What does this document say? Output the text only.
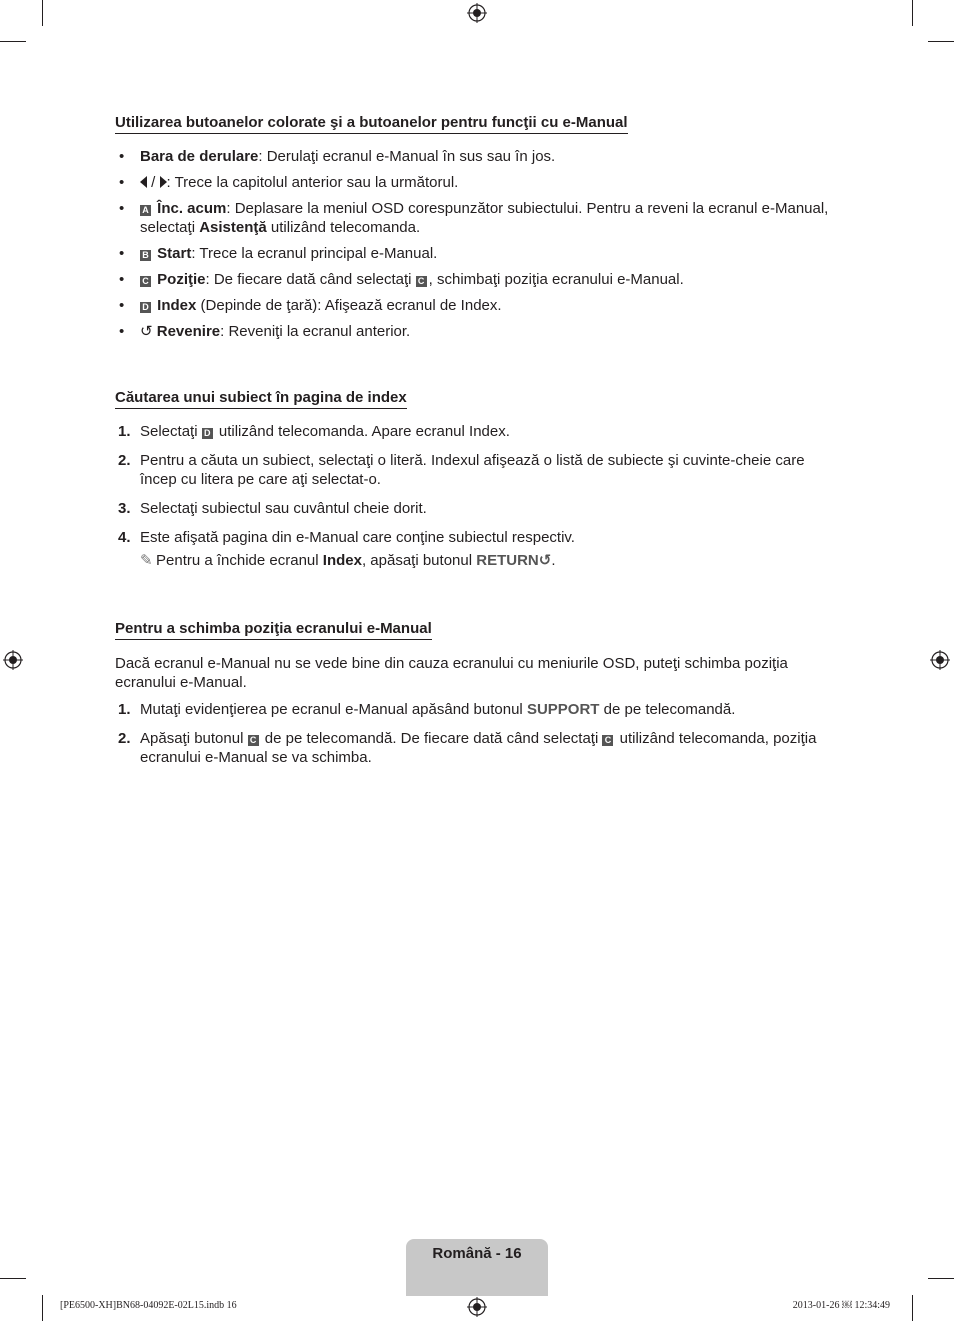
Utilizarea butoanelor colorate şi a butoanelor pentru funcţii cu e-Manual
• Bara de derulare: Derulaţi ecranul e-Manual în sus sau în jos.
• / : Trece la capitolul anterior sau la următorul.
• A Înc. acum: Deplasare la meniul OSD corespunzător subiectului. Pentru a reveni la ecranul e-Manual, selectaţi Asistenţă utilizând telecomanda.
• B Start: Trece la ecranul principal e-Manual.
• C Poziţie: De fiecare dată când selectaţi C , schimbaţi poziţia ecranului e-Manual.
• D Index (Depinde de ţară): Afişează ecranul de Index.
• ↺ Revenire: Reveniţi la ecranul anterior.
Căutarea unui subiect în pagina de index
1. Selectaţi D utilizând telecomanda. Apare ecranul Index.
2. Pentru a căuta un subiect, selectaţi o literă. Indexul afişează o listă de subiecte şi cuvinte-cheie care încep cu litera pe care aţi selectat-o.
3. Selectaţi subiectul sau cuvântul cheie dorit.
4. Este afişată pagina din e-Manual care conţine subiectul respectiv.
✎ Pentru a închide ecranul Index, apăsaţi butonul RETURN↺.
Pentru a schimba poziţia ecranului e-Manual
Dacă ecranul e-Manual nu se vede bine din cauza ecranului cu meniurile OSD, puteţi schimba poziţia ecranului e-Manual.
1. Mutaţi evidenţierea pe ecranul e-Manual apăsând butonul SUPPORT de pe telecomandă.
2. Apăsaţi butonul C de pe telecomandă. De fiecare dată când selectaţi C utilizând telecomanda, poziţia ecranului e-Manual se va schimba.
Română - 16
[PE6500-XH]BN68-04092E-02L15.indb 16	2013-01-26 ￼ 12:34:49
